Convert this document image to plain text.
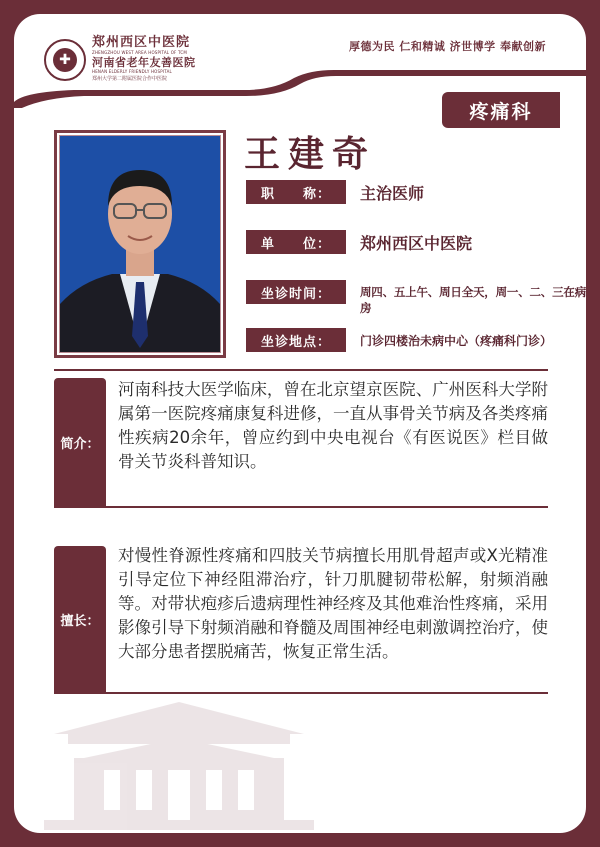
✚
郑州西区中医院
ZHENGZHOU WEST AREA HOSPITAL OF TCM
河南省老年友善医院
HENAN ELDERLY FRIENDLY HOSPITAL
郑州大学第二附属医院合作中医院
厚德为民 仁和精诚 济世博学 奉献创新
疼痛科
王建奇
职　　称：	主治医师
单　　位：	郑州西区中医院
坐诊时间：	周四、五上午、周日全天，周一、二、三在病房
坐诊地点：	门诊四楼治未病中心（疼痛科门诊）
简介：
河南科技大医学临床，曾在北京望京医院、广州医科大学附属第一医院疼痛康复科进修，一直从事骨关节病及各类疼痛性疾病20余年，曾应约到中央电视台《有医说医》栏目做骨关节炎科普知识。
擅长：
对慢性脊源性疼痛和四肢关节病擅长用肌骨超声或X光精准引导定位下神经阻滞治疗，针刀肌腱韧带松解，射频消融等。对带状疱疹后遗病理性神经疼及其他难治性疼痛，采用影像引导下射频消融和脊髓及周围神经电刺激调控治疗，使大部分患者摆脱痛苦，恢复正常生活。
